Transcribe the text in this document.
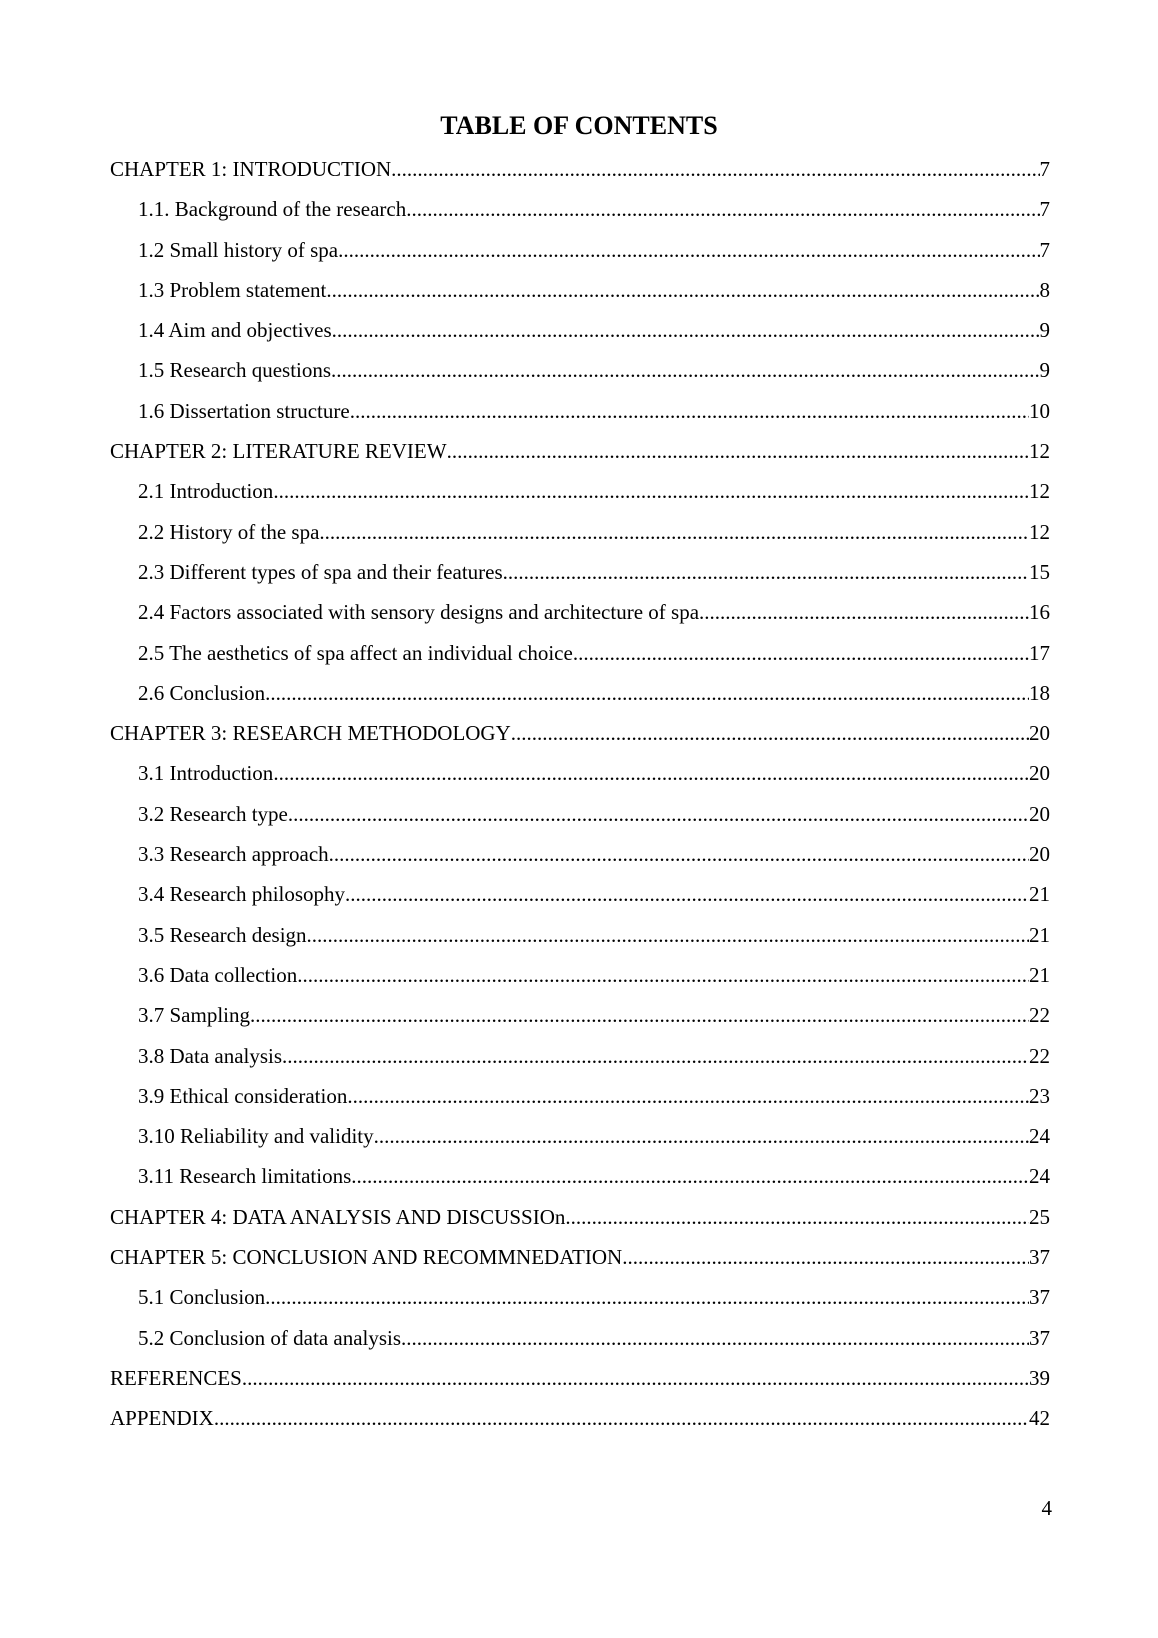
TABLE OF CONTENTS
CHAPTER 1: INTRODUCTION .....	7
1.1. Background of the research .....	7
1.2 Small history of spa .....	7
1.3 Problem statement .....	8
1.4 Aim and objectives .....	9
1.5 Research questions .....	9
1.6 Dissertation structure .....	10
CHAPTER 2: LITERATURE REVIEW .....	12
2.1 Introduction .....	12
2.2 History of the spa .....	12
2.3 Different types of spa and their features .....	15
2.4 Factors associated with sensory designs and architecture of spa .....	16
2.5 The aesthetics of spa affect an individual choice .....	17
2.6 Conclusion .....	18
CHAPTER 3: RESEARCH METHODOLOGY .....	20
3.1 Introduction .....	20
3.2 Research type .....	20
3.3 Research approach .....	20
3.4 Research philosophy .....	21
3.5 Research design .....	21
3.6 Data collection .....	21
3.7 Sampling .....	22
3.8 Data analysis .....	22
3.9 Ethical consideration .....	23
3.10 Reliability and validity .....	24
3.11 Research limitations .....	24
CHAPTER 4: DATA ANALYSIS AND DISCUSSIOn .....	25
CHAPTER 5: CONCLUSION AND RECOMMNEDATION .....	37
5.1 Conclusion .....	37
5.2 Conclusion of data analysis .....	37
REFERENCES .....	39
APPENDIX .....	42
4
